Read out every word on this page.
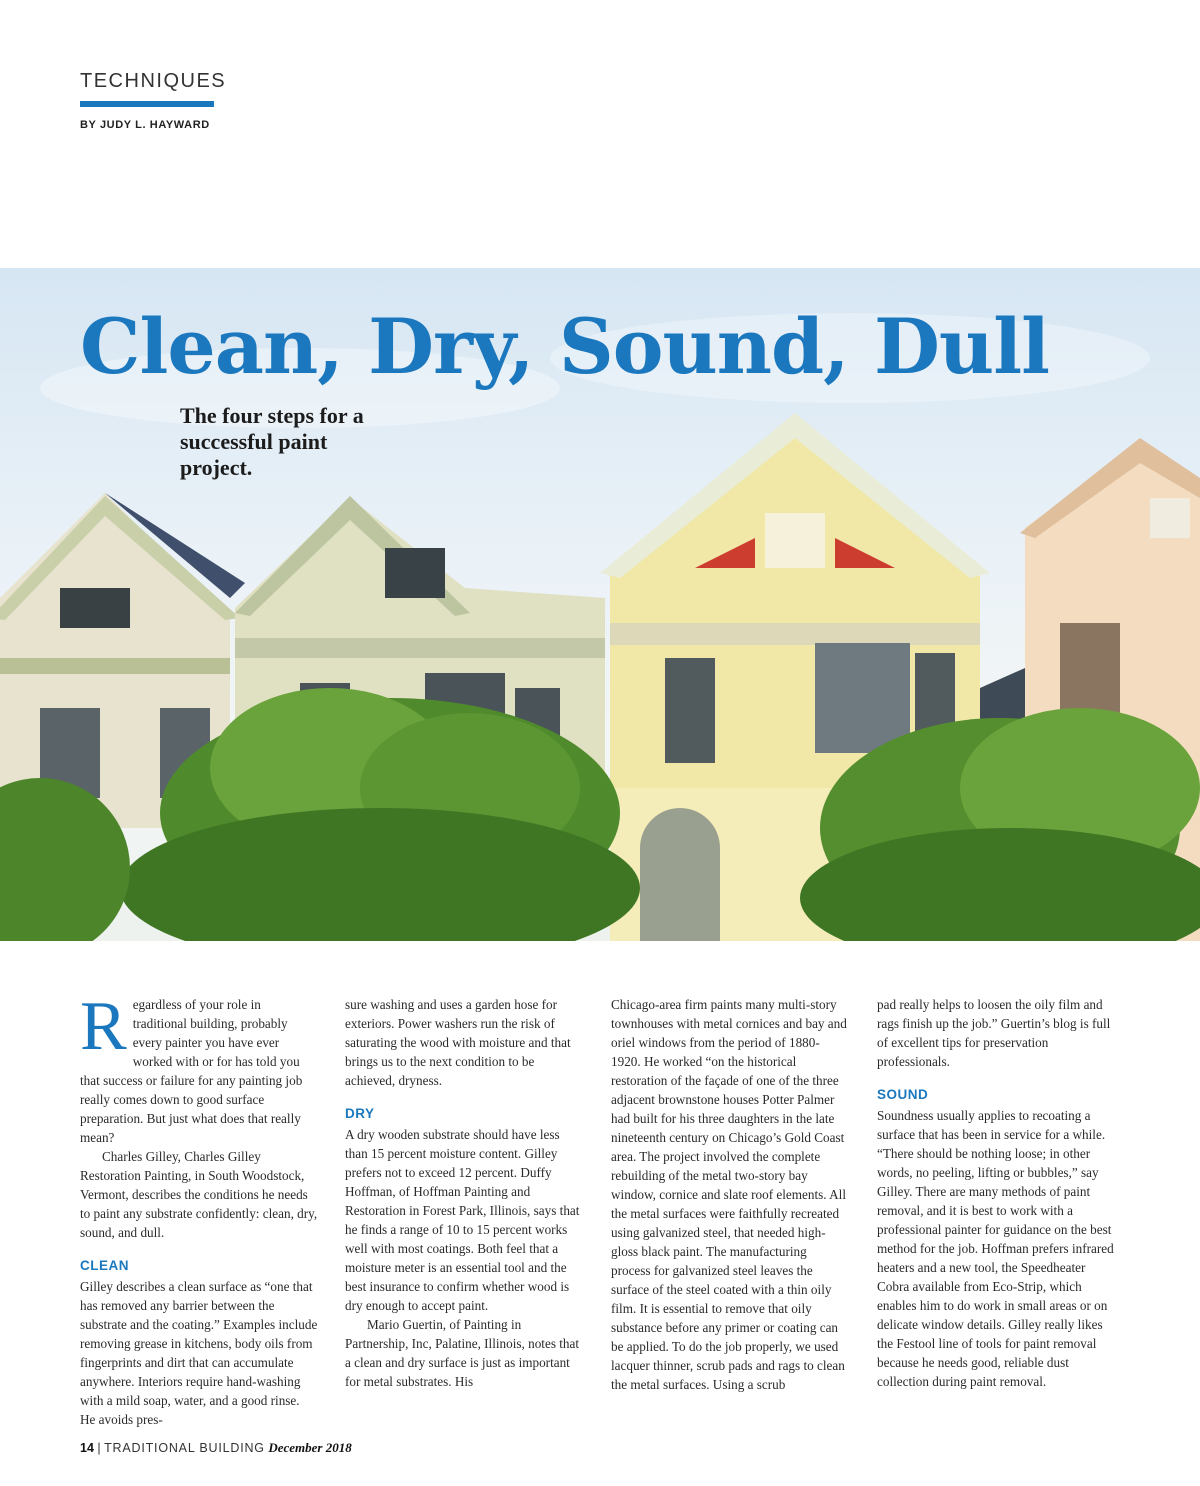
TECHNIQUES
BY JUDY L. HAYWARD
Clean, Dry, Sound, Dull

The four steps for a successful paint project.

Regardless of your role in traditional building, probably every painter you have ever worked with or for has told you that success or failure for any painting job really comes down to good surface preparation. But just what does that really mean?

Charles Gilley, Charles Gilley Restoration Painting, in South Woodstock, Vermont, describes the conditions he needs to paint any substrate confidently: clean, dry, sound, and dull.

CLEAN

Gilley describes a clean surface as “one that has removed any barrier between the substrate and the coating.” Examples include removing grease in kitchens, body oils from fingerprints and dirt that can accumulate anywhere. Interiors require hand-washing with a mild soap, water, and a good rinse. He avoids pres-

sure washing and uses a garden hose for exteriors. Power washers run the risk of saturating the wood with moisture and that brings us to the next condition to be achieved, dryness.

DRY

A dry wooden substrate should have less than 15 percent moisture content. Gilley prefers not to exceed 12 percent. Duffy Hoffman, of Hoffman Painting and Restoration in Forest Park, Illinois, says that he finds a range of 10 to 15 percent works well with most coatings. Both feel that a moisture meter is an essential tool and the best insurance to confirm whether wood is dry enough to accept paint.

Mario Guertin, of Painting in Partnership, Inc, Palatine, Illinois, notes that a clean and dry surface is just as important for metal substrates. His

Chicago-area firm paints many multi-story townhouses with metal cornices and bay and oriel windows from the period of 1880-1920. He worked “on the historical restoration of the façade of one of the three adjacent brownstone houses Potter Palmer had built for his three daughters in the late nineteenth century on Chicago’s Gold Coast area. The project involved the complete rebuilding of the metal two-story bay window, cornice and slate roof elements. All the metal surfaces were faithfully recreated using galvanized steel, that needed high-gloss black paint. The manufacturing process for galvanized steel leaves the surface of the steel coated with a thin oily film. It is essential to remove that oily substance before any primer or coating can be applied. To do the job properly, we used lacquer thinner, scrub pads and rags to clean the metal surfaces. Using a scrub

pad really helps to loosen the oily film and rags finish up the job.” Guertin’s blog is full of excellent tips for preservation professionals.

SOUND

Soundness usually applies to recoating a surface that has been in service for a while. “There should be nothing loose; in other words, no peeling, lifting or bubbles,” say Gilley. There are many methods of paint removal, and it is best to work with a professional painter for guidance on the best method for the job. Hoffman prefers infrared heaters and a new tool, the Speedheater Cobra available from Eco-Strip, which enables him to do work in small areas or on delicate window details. Gilley really likes the Festool line of tools for paint removal because he needs good, reliable dust collection during paint removal.

14 | TRADITIONAL BUILDING December 2018
